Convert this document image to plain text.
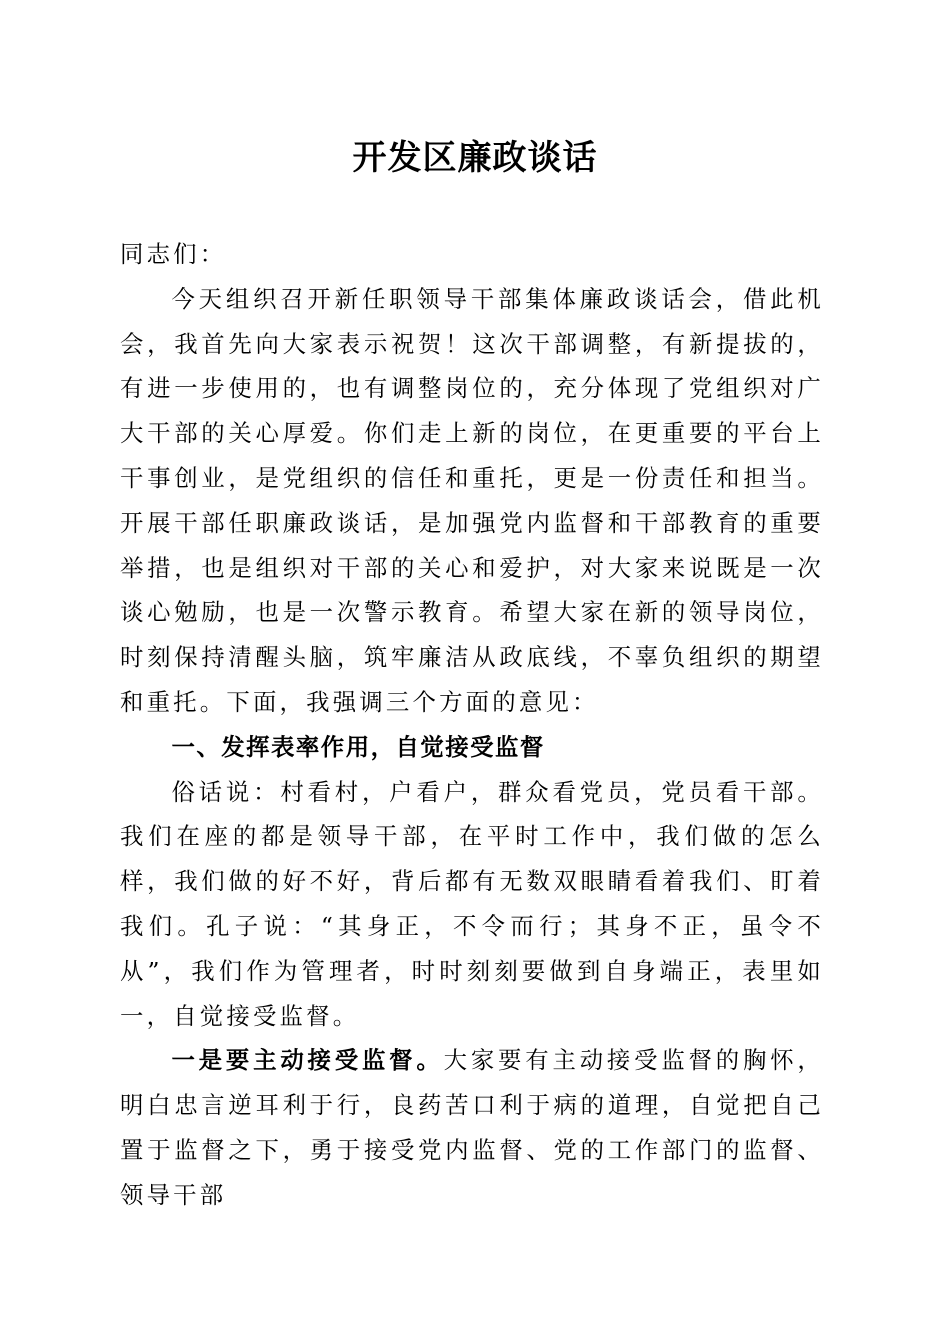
开发区廉政谈话

同志们：

今天组织召开新任职领导干部集体廉政谈话会，借此机会，我首先向大家表示祝贺！这次干部调整，有新提拔的，有进一步使用的，也有调整岗位的，充分体现了党组织对广大干部的关心厚爱。你们走上新的岗位，在更重要的平台上干事创业，是党组织的信任和重托，更是一份责任和担当。开展干部任职廉政谈话，是加强党内监督和干部教育的重要举措，也是组织对干部的关心和爱护，对大家来说既是一次谈心勉励，也是一次警示教育。希望大家在新的领导岗位，时刻保持清醒头脑，筑牢廉洁从政底线，不辜负组织的期望和重托。下面，我强调三个方面的意见：

一、发挥表率作用，自觉接受监督

俗话说：村看村，户看户，群众看党员，党员看干部。我们在座的都是领导干部，在平时工作中，我们做的怎么样，我们做的好不好，背后都有无数双眼睛看着我们、盯着我们。孔子说：“其身正，不令而行；其身不正，虽令不从”，我们作为管理者，时时刻刻要做到自身端正，表里如一，自觉接受监督。

一是要主动接受监督。大家要有主动接受监督的胸怀，明白忠言逆耳利于行，良药苦口利于病的道理，自觉把自己置于监督之下，勇于接受党内监督、党的工作部门的监督、领导干部
